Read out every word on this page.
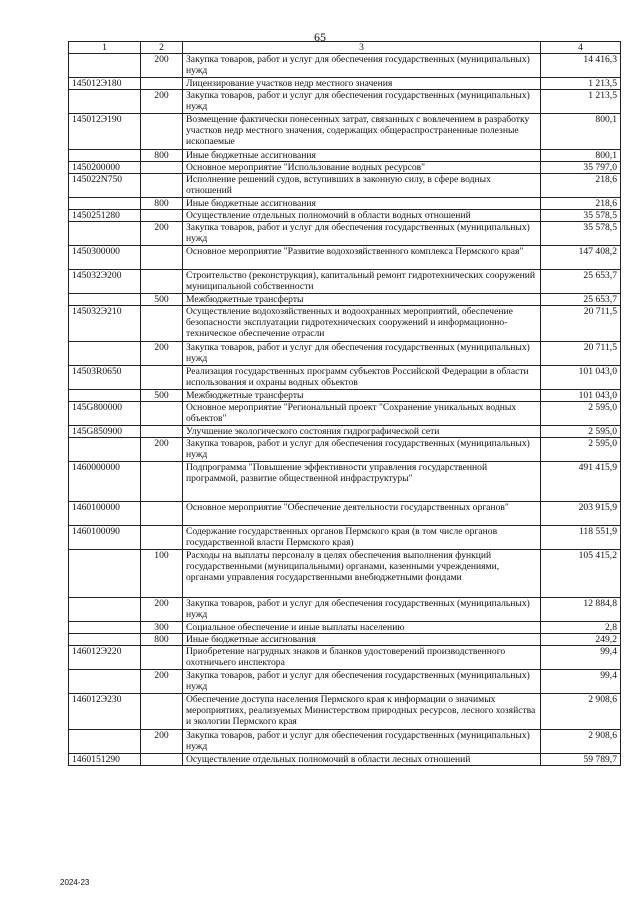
65
1	2	3	4
	200	Закупка товаров, работ и услуг для обеспечения государственных (муниципальных) нужд	14 416,3
145012Э180		Лицензирование участков недр местного значения	1 213,5
	200	Закупка товаров, работ и услуг для обеспечения государственных (муниципальных) нужд	1 213,5
145012Э190		Возмещение фактически понесенных затрат, связанных с вовлечением в разработку участков недр местного значения, содержащих общераспространенные полезные ископаемые	800,1
	800	Иные бюджетные ассигнования	800,1
1450200000		Основное мероприятие "Использование водных ресурсов"	35 797,0
145022N750		Исполнение решений судов, вступивших в законную силу, в сфере водных отношений	218,6
	800	Иные бюджетные ассигнования	218,6
1450251280		Осуществление отдельных полномочий в области водных отношений	35 578,5
	200	Закупка товаров, работ и услуг для обеспечения государственных (муниципальных) нужд	35 578,5
1450300000		Основное мероприятие "Развитие водохозяйственного комплекса Пермского края"	147 408,2
145032Э200		Строительство (реконструкция), капитальный ремонт гидротехнических сооружений муниципальной собственности	25 653,7
	500	Межбюджетные трансферты	25 653,7
145032Э210		Осуществление водохозяйственных и водоохранных мероприятий, обеспечение безопасности эксплуатации гидротехнических сооружений и информационно-техническое обеспечение отрасли	20 711,5
	200	Закупка товаров, работ и услуг для обеспечения государственных (муниципальных) нужд	20 711,5
14503R0650		Реализация государственных программ субъектов Российской Федерации в области использования и охраны водных объектов	101 043,0
	500	Межбюджетные трансферты	101 043,0
145G800000		Основное мероприятие "Региональный проект "Сохранение уникальных водных объектов"	2 595,0
145G850900		Улучшение экологического состояния гидрографической сети	2 595,0
	200	Закупка товаров, работ и услуг для обеспечения государственных (муниципальных) нужд	2 595,0
1460000000		Подпрограмма "Повышение эффективности управления государственной программой, развитие общественной инфраструктуры"	491 415,9
1460100000		Основное мероприятие "Обеспечение деятельности государственных органов"	203 915,9
1460100090		Содержание государственных органов Пермского края (в том числе органов государственной власти Пермского края)	118 551,9
	100	Расходы на выплаты персоналу в целях обеспечения выполнения функций государственными (муниципальными) органами, казенными учреждениями, органами управления государственными внебюджетными фондами	105 415,2
	200	Закупка товаров, работ и услуг для обеспечения государственных (муниципальных) нужд	12 884,8
	300	Социальное обеспечение и иные выплаты населению	2,8
	800	Иные бюджетные ассигнования	249,2
146012Э220		Приобретение нагрудных знаков и бланков удостоверений производственного охотничьего инспектора	99,4
	200	Закупка товаров, работ и услуг для обеспечения государственных (муниципальных) нужд	99,4
146012Э230		Обеспечение доступа населения Пермского края к информации о значимых мероприятиях, реализуемых Министерством природных ресурсов, лесного хозяйства и экологии Пермского края	2 908,6
	200	Закупка товаров, работ и услуг для обеспечения государственных (муниципальных) нужд	2 908,6
1460151290		Осуществление отдельных полномочий в области лесных отношений	59 789,7
2024-23
